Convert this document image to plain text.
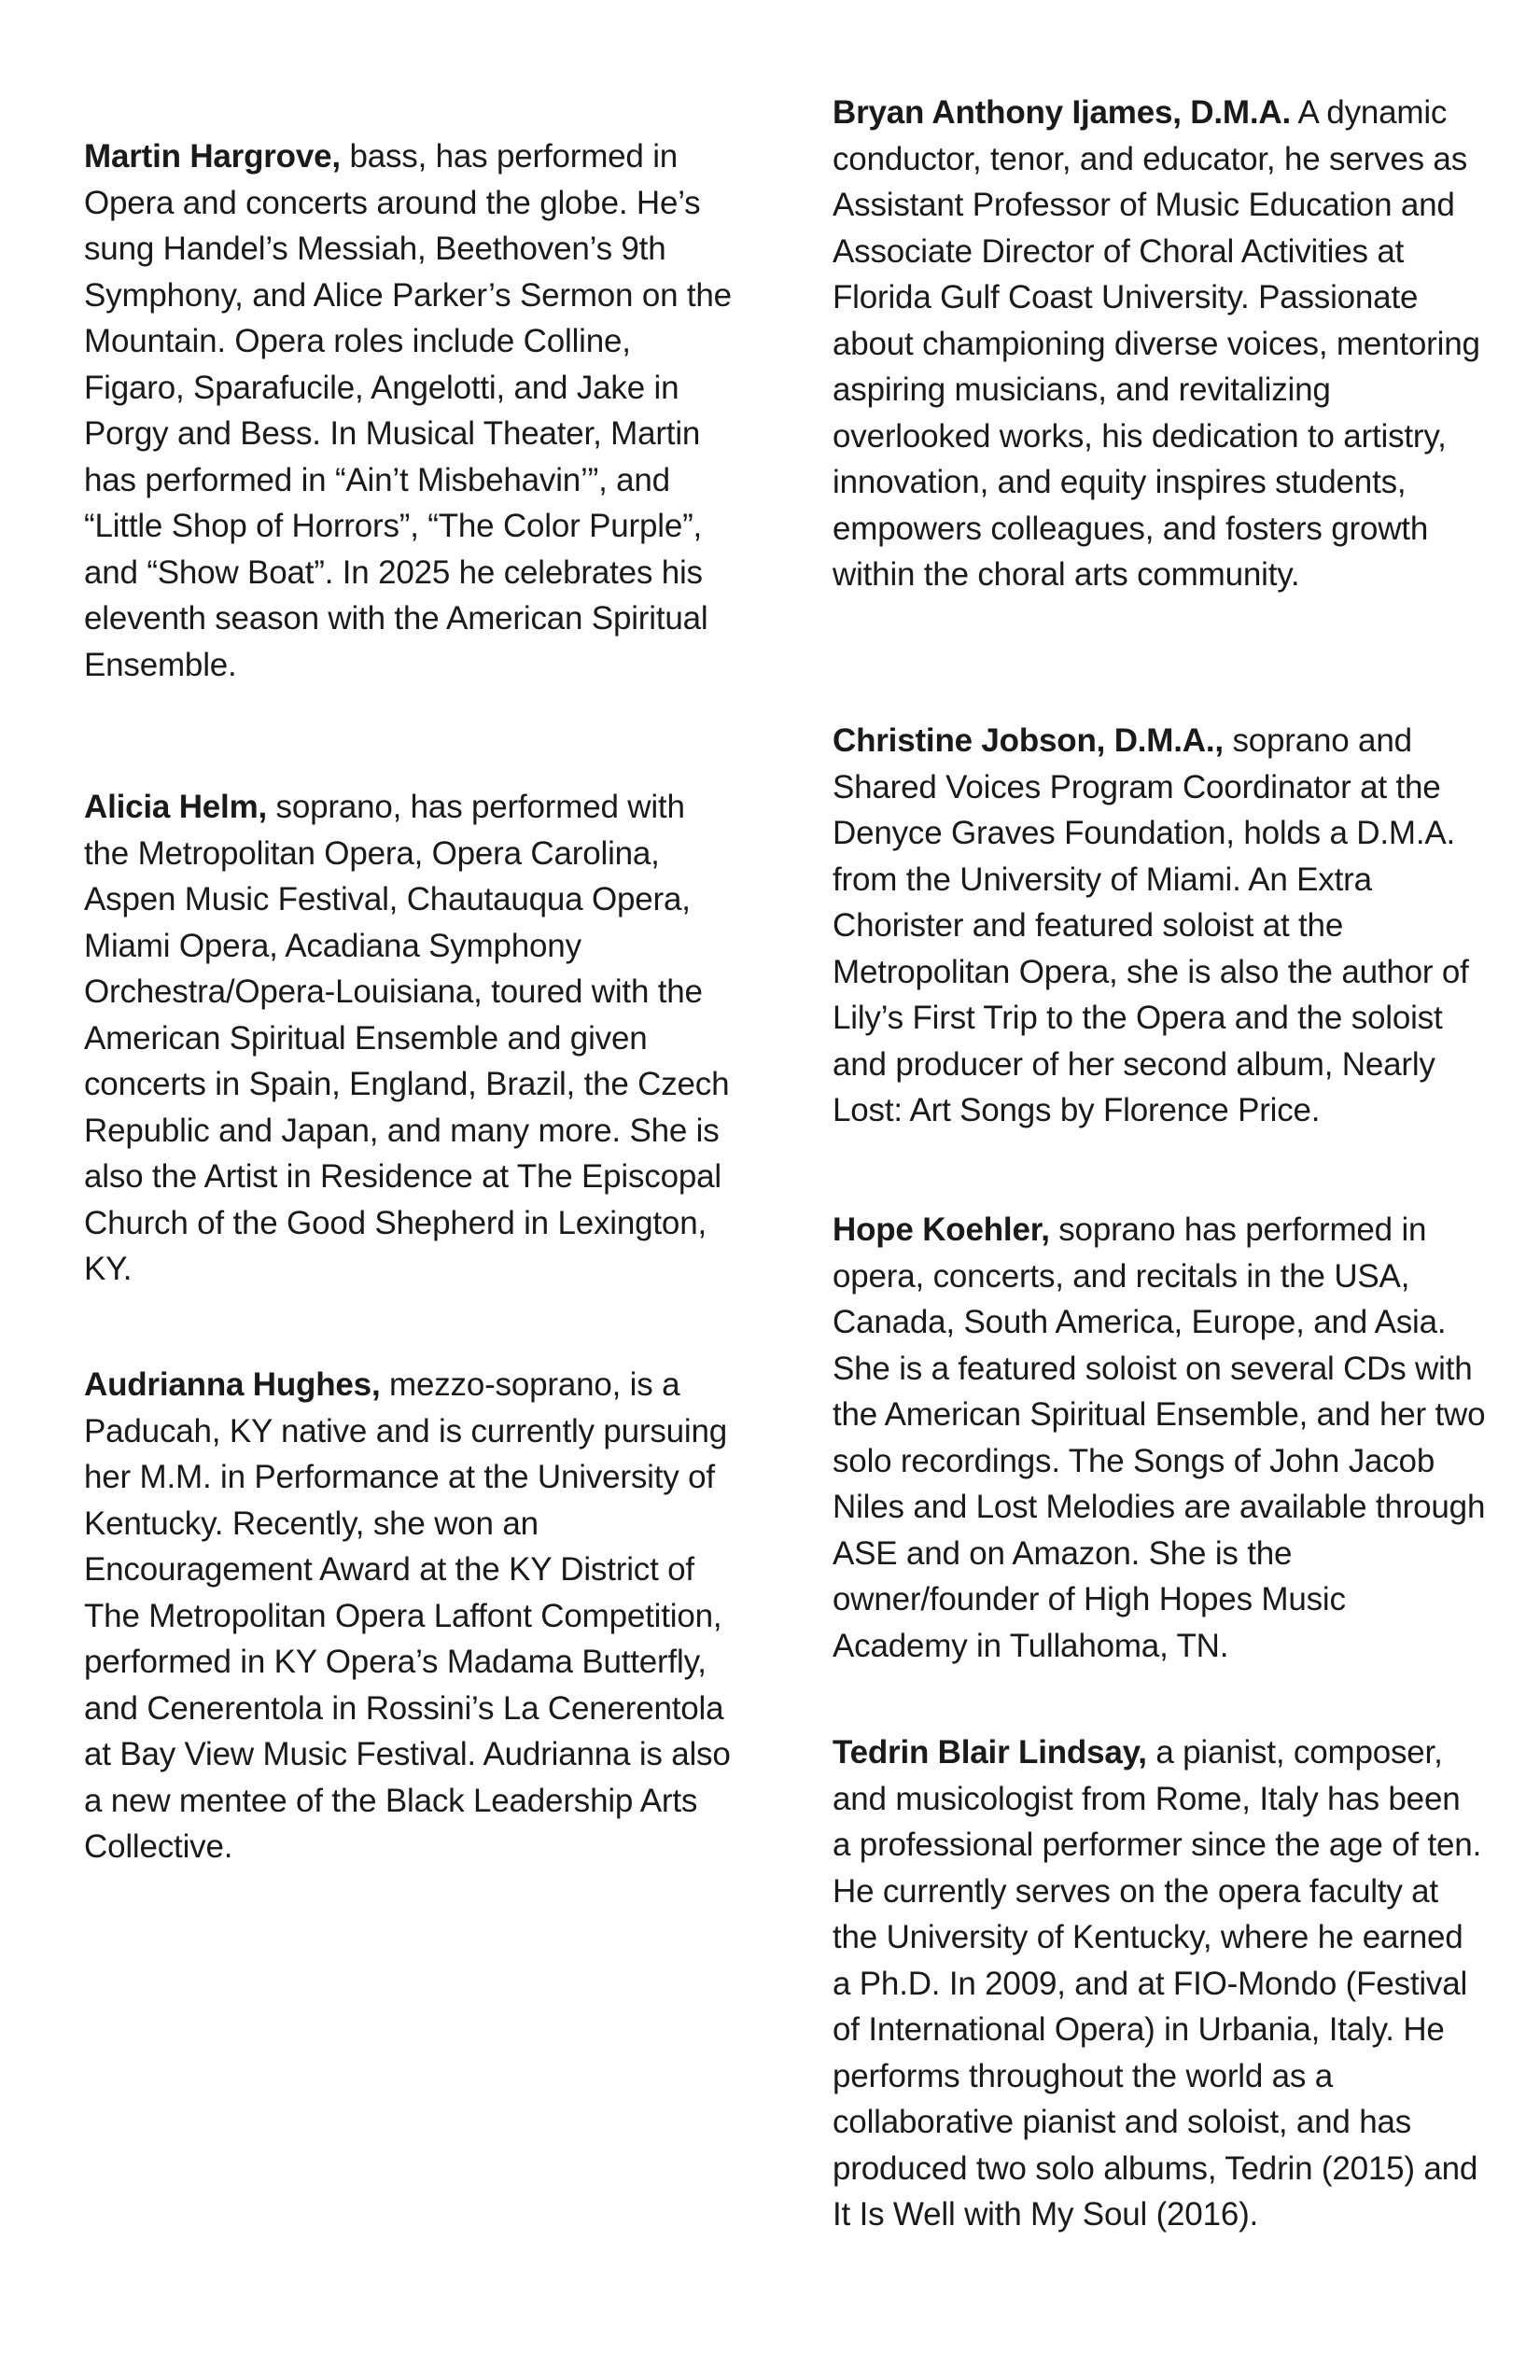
Martin Hargrove, bass, has performed in Opera and concerts around the globe. He’s sung Handel’s Messiah, Beethoven’s 9th Symphony, and Alice Parker’s Sermon on the Mountain. Opera roles include Colline, Figaro, Sparafucile, Angelotti, and Jake in Porgy and Bess. In Musical Theater, Martin has performed in “Ain’t Misbehavin’”, and “Little Shop of Horrors”, “The Color Purple”, and “Show Boat”. In 2025 he celebrates his eleventh season with the American Spiritual Ensemble.

Alicia Helm, soprano, has performed with the Metropolitan Opera, Opera Carolina, Aspen Music Festival, Chautauqua Opera, Miami Opera, Acadiana Symphony Orchestra/Opera-Louisiana, toured with the American Spiritual Ensemble and given concerts in Spain, England, Brazil, the Czech Republic and Japan, and many more. She is also the Artist in Residence at The Episcopal Church of the Good Shepherd in Lexington, KY.

Audrianna Hughes, mezzo-soprano, is a Paducah, KY native and is currently pursuing her M.M. in Performance at the University of Kentucky. Recently, she won an Encouragement Award at the KY District of The Metropolitan Opera Laffont Competition, performed in KY Opera’s Madama Butterfly, and Cenerentola in Rossini’s La Cenerentola at Bay View Music Festival. Audrianna is also a new mentee of the Black Leadership Arts Collective.

Bryan Anthony Ijames, D.M.A. A dynamic conductor, tenor, and educator, he serves as Assistant Professor of Music Education and Associate Director of Choral Activities at Florida Gulf Coast University. Passionate about championing diverse voices, mentoring aspiring musicians, and revitalizing overlooked works, his dedication to artistry, innovation, and equity inspires students, empowers colleagues, and fosters growth within the choral arts community.

Christine Jobson, D.M.A., soprano and Shared Voices Program Coordinator at the Denyce Graves Foundation, holds a D.M.A. from the University of Miami. An Extra Chorister and featured soloist at the Metropolitan Opera, she is also the author of Lily’s First Trip to the Opera and the soloist and producer of her second album, Nearly Lost: Art Songs by Florence Price.

Hope Koehler, soprano has performed in opera, concerts, and recitals in the USA, Canada, South America, Europe, and Asia. She is a featured soloist on several CDs with the American Spiritual Ensemble, and her two solo recordings. The Songs of John Jacob Niles and Lost Melodies are available through ASE and on Amazon. She is the owner/founder of High Hopes Music Academy in Tullahoma, TN.

Tedrin Blair Lindsay, a pianist, composer, and musicologist from Rome, Italy has been a professional performer since the age of ten. He currently serves on the opera faculty at the University of Kentucky, where he earned a Ph.D. In 2009, and at FIO-Mondo (Festival of International Opera) in Urbania, Italy. He performs throughout the world as a collaborative pianist and soloist, and has produced two solo albums, Tedrin (2015) and It Is Well with My Soul (2016).
